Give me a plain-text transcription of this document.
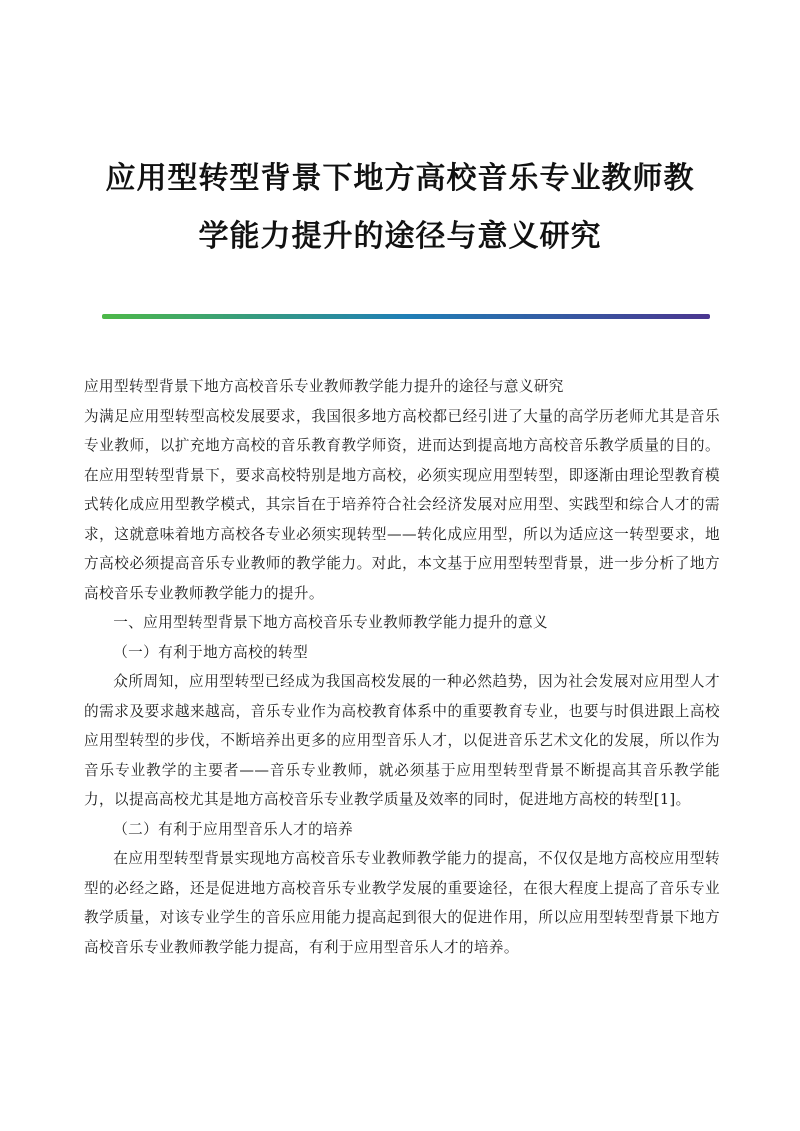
应用型转型背景下地方高校音乐专业教师教
学能力提升的途径与意义研究

应用型转型背景下地方高校音乐专业教师教学能力提升的途径与意义研究

为满足应用型转型高校发展要求，我国很多地方高校都已经引进了大量的高学历老师尤其是音乐专业教师，以扩充地方高校的音乐教育教学师资，进而达到提高地方高校音乐教学质量的目的。在应用型转型背景下，要求高校特别是地方高校，必须实现应用型转型，即逐渐由理论型教育模式转化成应用型教学模式，其宗旨在于培养符合社会经济发展对应用型、实践型和综合人才的需求，这就意味着地方高校各专业必须实现转型——转化成应用型，所以为适应这一转型要求，地方高校必须提高音乐专业教师的教学能力。对此，本文基于应用型转型背景，进一步分析了地方高校音乐专业教师教学能力的提升。

一、应用型转型背景下地方高校音乐专业教师教学能力提升的意义

（一）有利于地方高校的转型

众所周知，应用型转型已经成为我国高校发展的一种必然趋势，因为社会发展对应用型人才的需求及要求越来越高，音乐专业作为高校教育体系中的重要教育专业，也要与时俱进跟上高校应用型转型的步伐，不断培养出更多的应用型音乐人才，以促进音乐艺术文化的发展，所以作为音乐专业教学的主要者——音乐专业教师，就必须基于应用型转型背景不断提高其音乐教学能力，以提高高校尤其是地方高校音乐专业教学质量及效率的同时，促进地方高校的转型[1]。

（二）有利于应用型音乐人才的培养

在应用型转型背景实现地方高校音乐专业教师教学能力的提高，不仅仅是地方高校应用型转型的必经之路，还是促进地方高校音乐专业教学发展的重要途径，在很大程度上提高了音乐专业教学质量，对该专业学生的音乐应用能力提高起到很大的促进作用，所以应用型转型背景下地方高校音乐专业教师教学能力提高，有利于应用型音乐人才的培养。
